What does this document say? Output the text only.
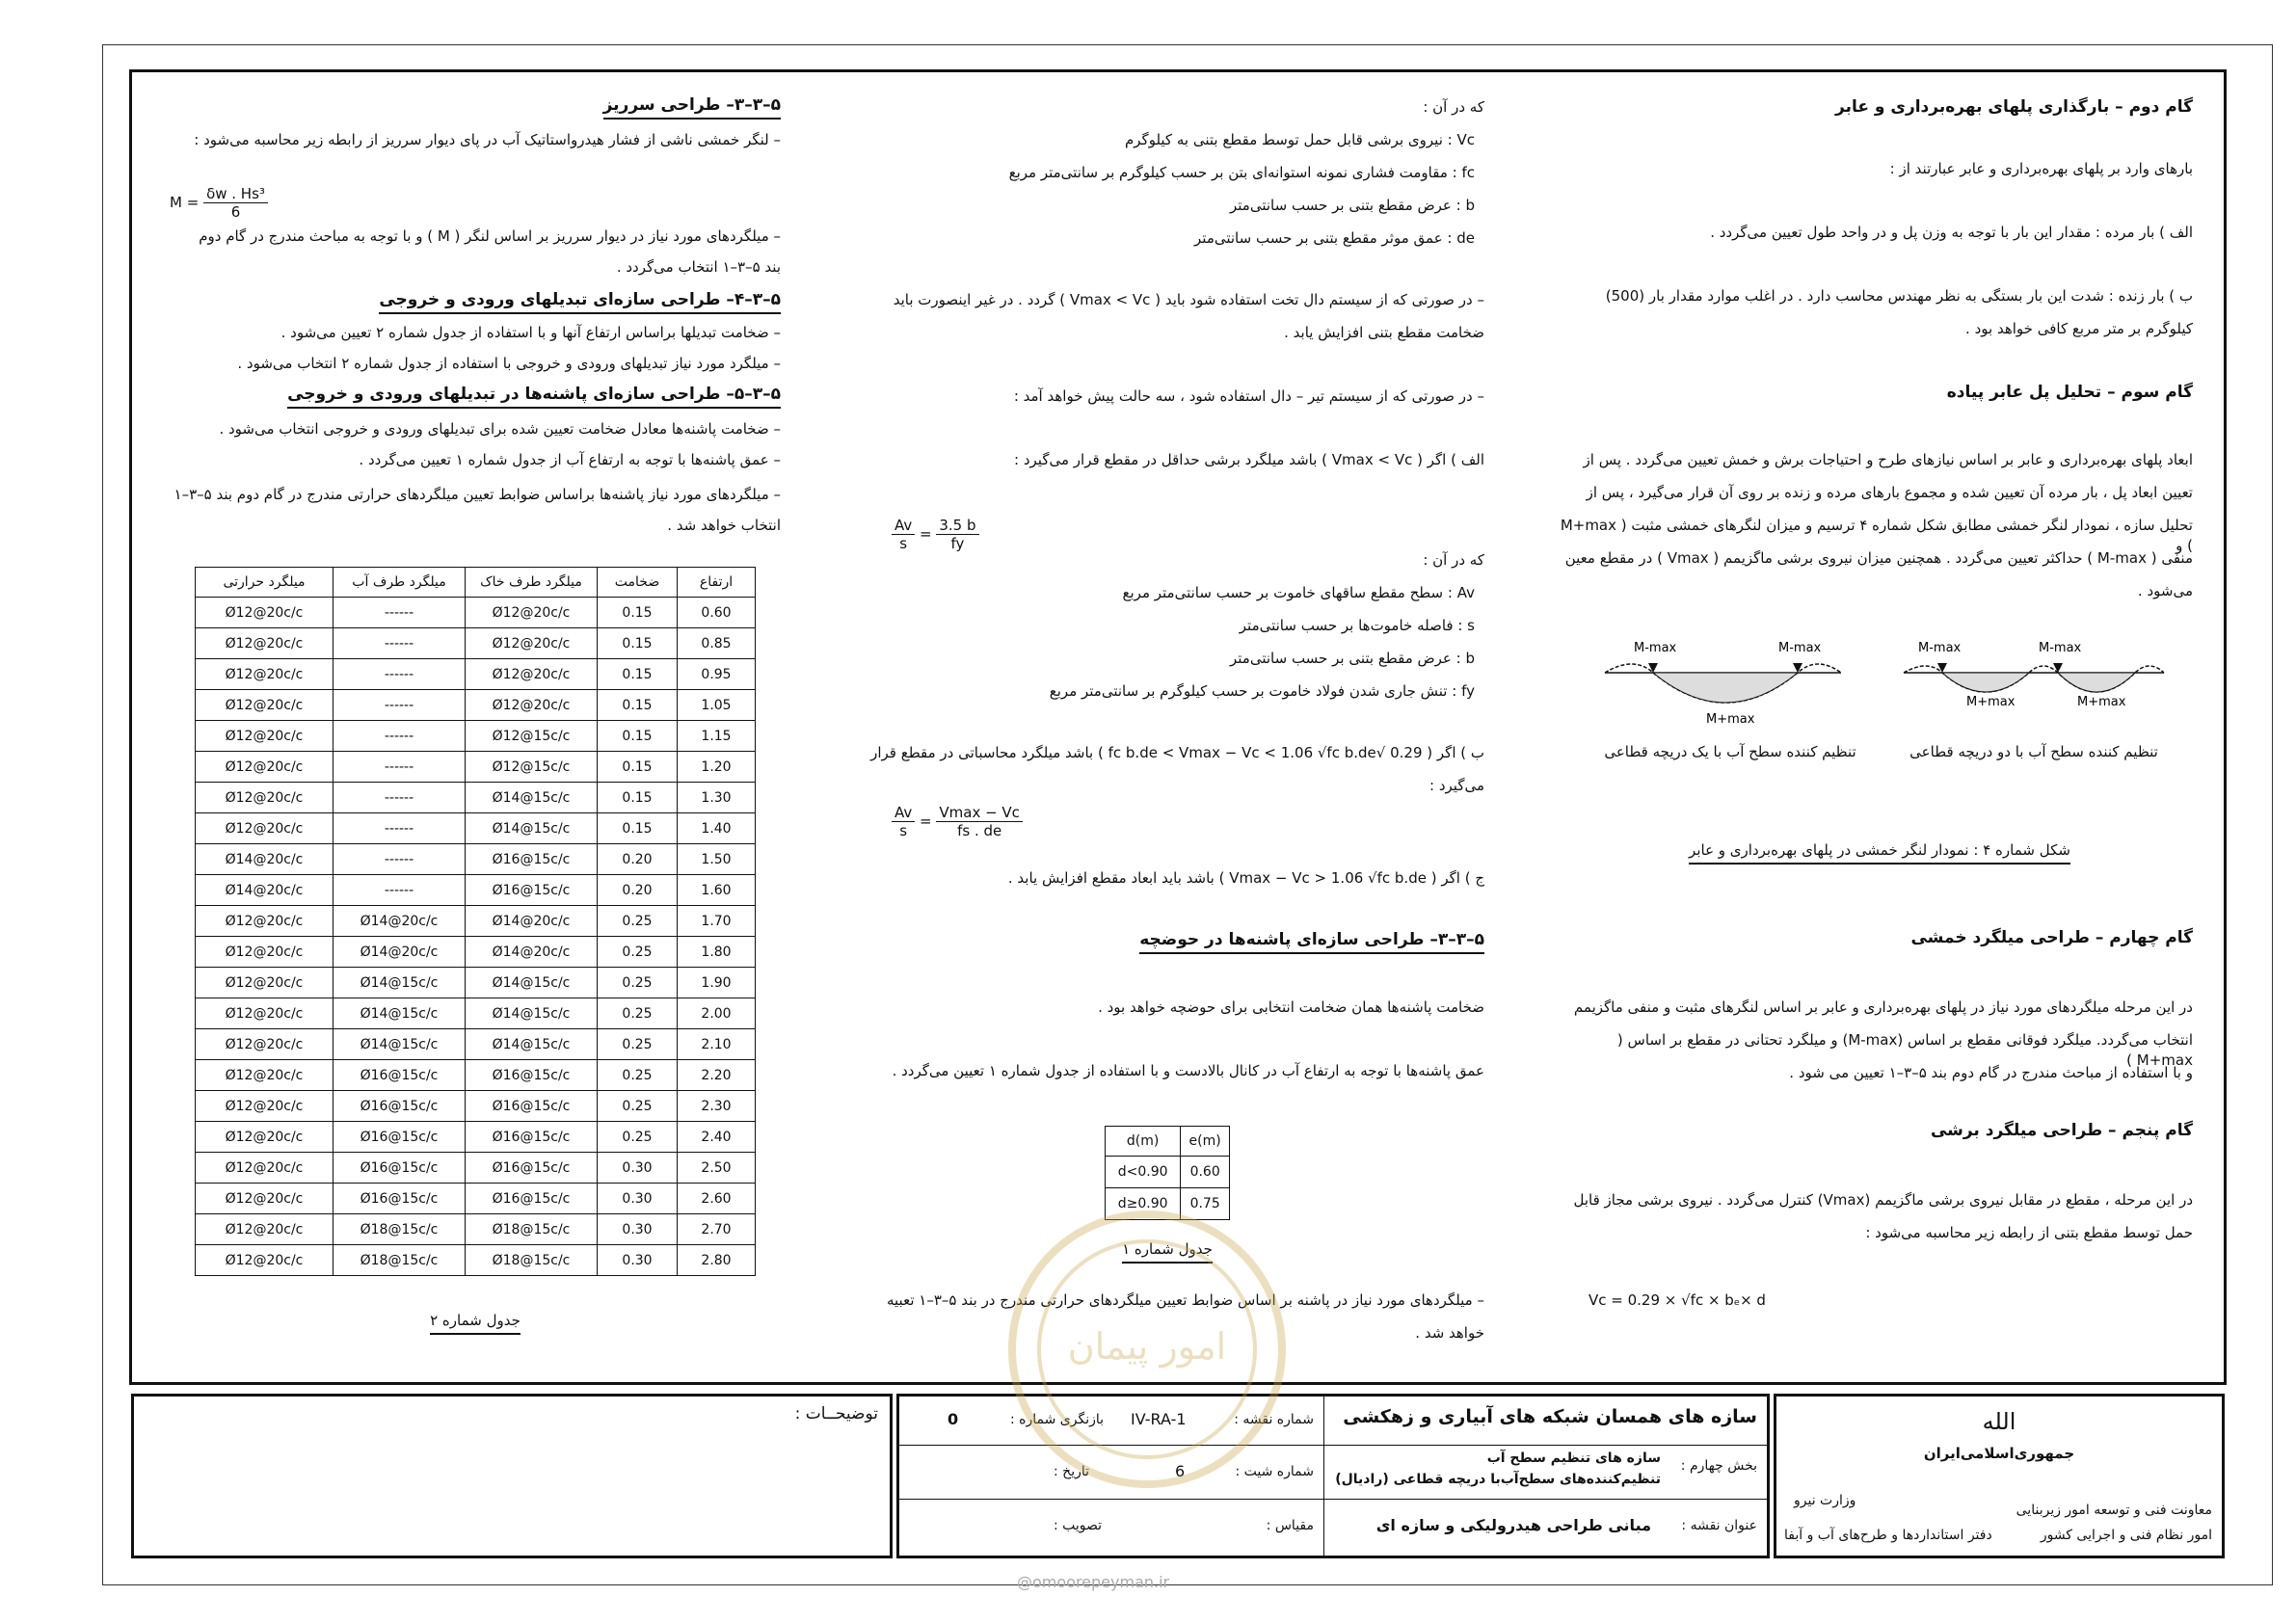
گام دوم – بارگذاری پلهای بهره‌برداری و عابر

بارهای وارد بر پلهای بهره‌برداری و عابر عبارتند از :

الف ) بار مرده : مقدار این بار با توجه به وزن پل و در واحد طول تعیین می‌گردد .

ب ) بار زنده : شدت این بار بستگی به نظر مهندس محاسب دارد . در اغلب موارد مقدار بار (500)

کیلوگرم بر متر مربع کافی خواهد بود .

گام سوم – تحلیل پل عابر پیاده

ابعاد پلهای بهره‌برداری و عابر بر اساس نیازهای طرح و احتیاجات برش و خمش تعیین می‌گردد . پس از

تعیین ابعاد پل ، بار مرده آن تعیین شده و مجموع بارهای مرده و زنده بر روی آن قرار می‌گیرد ، پس از

تحلیل سازه ، نمودار لنگر خمشی مطابق شکل شماره ۴ ترسیم و میزان لنگرهای خمشی مثبت ( M+max ) و

منفی ( M-max ) حداکثر تعیین می‌گردد . همچنین میزان نیروی برشی ماگزیمم ( Vmax ) در مقطع معین

می‌شود .

گام چهارم – طراحی میلگرد خمشی

در این مرحله میلگردهای مورد نیاز در پلهای بهره‌برداری و عابر بر اساس لنگرهای مثبت و منفی ماگزیمم

انتخاب می‌گردد. میلگرد فوقانی مقطع بر اساس (M-max) و میلگرد تحتانی در مقطع بر اساس ( M+max )

و با استفاده از مباحث مندرج در گام دوم بند ۵–۳–۱ تعیین می شود .

گام پنجم – طراحی میلگرد برشی

در این مرحله ، مقطع در مقابل نیروی برشی ماگزیمم (Vmax) کنترل می‌گردد . نیروی برشی مجاز قابل

حمل توسط مقطع بتنی از رابطه زیر محاسبه می‌شود :

Vc = 0.29 × √fc × bₑ× d
M-max	M-max
M+max
M-max	M-max
M+max	M+max
تنظیم کننده سطح آب با یک دریچه قطاعی	تنظیم کننده سطح آب با دو دریچه قطاعی
شکل شماره ۴ : نمودار لنگر خمشی در پلهای بهره‌برداری و عابر

که در آن :

Vc : نیروی برشی قابل حمل توسط مقطع بتنی به کیلوگرم

fc : مقاومت فشاری نمونه استوانه‌ای بتن بر حسب کیلوگرم بر سانتی‌متر مربع

b : عرض مقطع بتنی بر حسب سانتی‌متر

de : عمق موثر مقطع بتنی بر حسب سانتی‌متر

– در صورتی که از سیستم دال تخت استفاده شود باید ( Vmax < Vc ) گردد . در غیر اینصورت باید

ضخامت مقطع بتنی افزایش یابد .

– در صورتی که از سیستم تیر – دال استفاده شود ، سه حالت پیش خواهد آمد :

الف ) اگر ( Vmax < Vc ) باشد میلگرد برشی حداقل در مقطع قرار می‌گیرد :

که در آن :

Av : سطح مقطع ساقهای خاموت بر حسب سانتی‌متر مربع

s : فاصله خاموت‌ها بر حسب سانتی‌متر

b : عرض مقطع بتنی بر حسب سانتی‌متر

fy : تنش جاری شدن فولاد خاموت بر حسب کیلوگرم بر سانتی‌متر مربع

ب ) اگر ( 0.29 √fc b.de < Vmax − Vc < 1.06 √fc b.de ) باشد میلگرد محاسباتی در مقطع قرار

می‌گیرد :

ج ) اگر ( Vmax − Vc > 1.06 √fc b.de ) باشد باید ابعاد مقطع افزایش یابد .

۵–۳–۳– طراحی سازه‌ای پاشنه‌ها در حوضچه

ضخامت پاشنه‌ها همان ضخامت انتخابی برای حوضچه خواهد بود .

عمق پاشنه‌ها با توجه به ارتفاع آب در کانال بالادست و با استفاده از جدول شماره ۱ تعیین می‌گردد .

– میلگردهای مورد نیاز در پاشنه بر اساس ضوابط تعیین میلگردهای حرارتی مندرج در بند ۵–۳–۱ تعبیه

خواهد شد .

$\frac{Av}{s} = \frac{3.5 b}{fy}$
$\frac{Av}{s} = \frac{Vmax - Vc}{fs . de}$
d(m)	e(m)
d<0.90	0.60
d≥0.90	0.75
جدول شماره ۱

۵–۳–۳– طراحی سرریز

– لنگر خمشی ناشی از فشار هیدرواستاتیک آب در پای دیوار سرریز از رابطه زیر محاسبه می‌شود :

– میلگردهای مورد نیاز در دیوار سرریز بر اساس لنگر ( M ) و با توجه به مباحث مندرج در گام دوم

بند ۵–۳–۱ انتخاب می‌گردد .

۵–۳–۴– طراحی سازه‌ای تبدیلهای ورودی و خروجی

– ضخامت تبدیلها براساس ارتفاع آنها و با استفاده از جدول شماره ۲ تعیین می‌شود .

– میلگرد مورد نیاز تبدیلهای ورودی و خروجی با استفاده از جدول شماره ۲ انتخاب می‌شود .

۵–۳–۵– طراحی سازه‌ای پاشنه‌ها در تبدیلهای ورودی و خروجی

– ضخامت پاشنه‌ها معادل ضخامت تعیین شده برای تبدیلهای ورودی و خروجی انتخاب می‌شود .

– عمق پاشنه‌ها با توجه به ارتفاع آب از جدول شماره ۱ تعیین می‌گردد .

– میلگردهای مورد نیاز پاشنه‌ها براساس ضوابط تعیین میلگردهای حرارتی مندرج در گام دوم بند ۵–۳–۱

انتخاب خواهد شد .

$M = \frac{\text{δw . Hs³}}{6}$
ارتفاع	ضخامت	میلگرد طرف خاک	میلگرد طرف آب	میلگرد حرارتی
0.60	0.15	Ø12@20c/c	------	Ø12@20c/c
0.85	0.15	Ø12@20c/c	------	Ø12@20c/c
0.95	0.15	Ø12@20c/c	------	Ø12@20c/c
1.05	0.15	Ø12@20c/c	------	Ø12@20c/c
1.15	0.15	Ø12@15c/c	------	Ø12@20c/c
1.20	0.15	Ø12@15c/c	------	Ø12@20c/c
1.30	0.15	Ø14@15c/c	------	Ø12@20c/c
1.40	0.15	Ø14@15c/c	------	Ø12@20c/c
1.50	0.20	Ø16@15c/c	------	Ø14@20c/c
1.60	0.20	Ø16@15c/c	------	Ø14@20c/c
1.70	0.25	Ø14@20c/c	Ø14@20c/c	Ø12@20c/c
1.80	0.25	Ø14@20c/c	Ø14@20c/c	Ø12@20c/c
1.90	0.25	Ø14@15c/c	Ø14@15c/c	Ø12@20c/c
2.00	0.25	Ø14@15c/c	Ø14@15c/c	Ø12@20c/c
2.10	0.25	Ø14@15c/c	Ø14@15c/c	Ø12@20c/c
2.20	0.25	Ø16@15c/c	Ø16@15c/c	Ø12@20c/c
2.30	0.25	Ø16@15c/c	Ø16@15c/c	Ø12@20c/c
2.40	0.25	Ø16@15c/c	Ø16@15c/c	Ø12@20c/c
2.50	0.30	Ø16@15c/c	Ø16@15c/c	Ø12@20c/c
2.60	0.30	Ø16@15c/c	Ø16@15c/c	Ø12@20c/c
2.70	0.30	Ø18@15c/c	Ø18@15c/c	Ø12@20c/c
2.80	0.30	Ø18@15c/c	Ø18@15c/c	Ø12@20c/c
جدول شماره ۲
الله
جمهوری‌اسلامی‌ایران
معاونت فنی و توسعه امور زیربنایی
وزارت نیرو
امور نظام فنی و اجرایی کشور
دفتر استانداردها و طرح‌های آب و آبفا
سازه های همسان شبکه های آبیاری و زهکشی
بخش چهارم :
سازه های تنظیم سطح آب
تنظیم‌کننده‌های سطح‌آب‌با دریچه قطاعی (رادیال)
عنوان نقشه :
مبانی طراحی هیدرولیکی و سازه ای
شماره نقشه :
IV-RA-1
بازنگری شماره :
0
شماره شیت :
6
تاریخ :
مقیاس :
تصویب :
توضیحــات :
امور پیمان
@omoorepeyman.ir
